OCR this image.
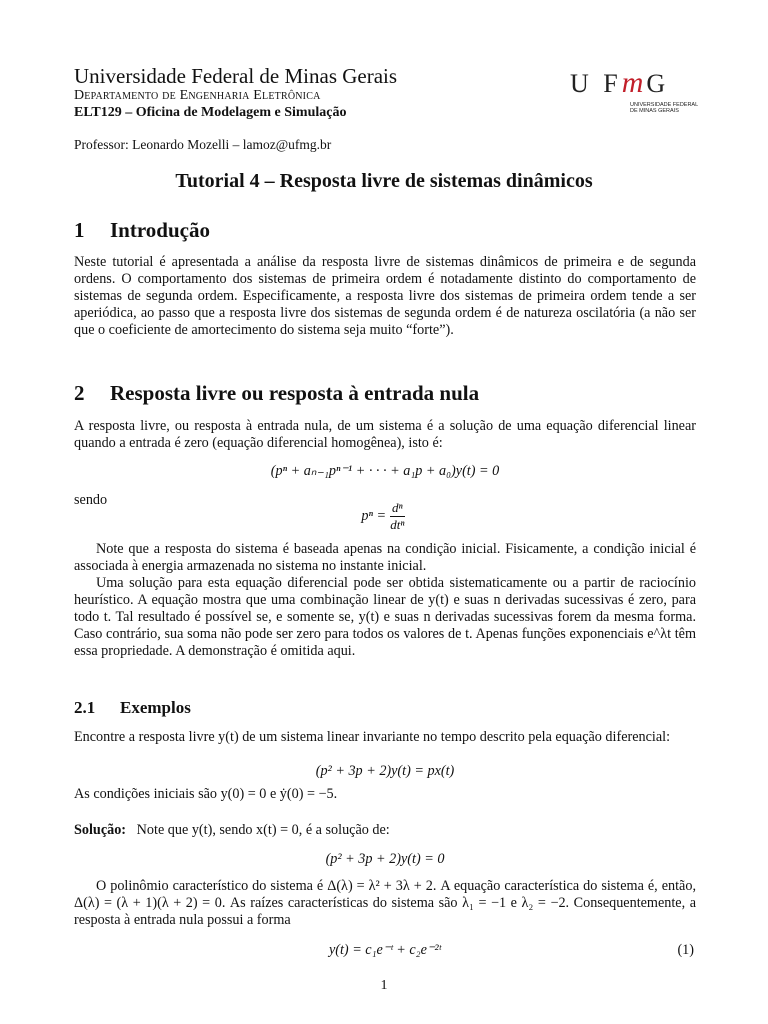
Universidade Federal de Minas Gerais
Departamento de Engenharia Eletrônica
ELT129 – Oficina de Modelagem e Simulação
Professor: Leonardo Mozelli – lamoz@ufmg.br
U Fm G
UNIVERSIDADE FEDERAL
DE MINAS GERAIS
Tutorial 4 – Resposta livre de sistemas dinâmicos
1 Introdução
Neste tutorial é apresentada a análise da resposta livre de sistemas dinâmicos de primeira e de segunda ordens. O comportamento dos sistemas de primeira ordem é notadamente distinto do comportamento de sistemas de segunda ordem. Especificamente, a resposta livre dos sistemas de primeira ordem tende a ser aperiódica, ao passo que a resposta livre dos sistemas de segunda ordem é de natureza oscilatória (a não ser que o coeficiente de amortecimento do sistema seja muito “forte”).
2 Resposta livre ou resposta à entrada nula
A resposta livre, ou resposta à entrada nula, de um sistema é a solução de uma equação diferencial linear quando a entrada é zero (equação diferencial homogênea), isto é:
(pⁿ + aₙ₋₁pⁿ⁻¹ + · · · + a₁p + a₀)y(t) = 0
sendo
$p^n = \frac{\text{dⁿ}}{\text{dtⁿ}}$
Note que a resposta do sistema é baseada apenas na condição inicial. Fisicamente, a condição inicial é associada à energia armazenada no sistema no instante inicial.
Uma solução para esta equação diferencial pode ser obtida sistematicamente ou a partir de raciocínio heurístico. A equação mostra que uma combinação linear de y(t) e suas n derivadas sucessivas é zero, para todo t. Tal resultado é possível se, e somente se, y(t) e suas n derivadas sucessivas forem da mesma forma. Caso contrário, sua soma não pode ser zero para todos os valores de t. Apenas funções exponenciais e^λt têm essa propriedade. A demonstração é omitida aqui.
2.1 Exemplos
Encontre a resposta livre y(t) de um sistema linear invariante no tempo descrito pela equação diferencial:
(p² + 3p + 2)y(t) = px(t)
As condições iniciais são y(0) = 0 e ẏ(0) = −5.
Solução: Note que y(t), sendo x(t) = 0, é a solução de:
(p² + 3p + 2)y(t) = 0
O polinômio característico do sistema é Δ(λ) = λ² + 3λ + 2. A equação característica do sistema é, então, Δ(λ) = (λ + 1)(λ + 2) = 0. As raízes características do sistema são λ₁ = −1 e λ₂ = −2. Consequentemente, a resposta à entrada nula possui a forma
y(t) = c₁e⁻ᵗ + c₂e⁻²ᵗ	(1)
1
